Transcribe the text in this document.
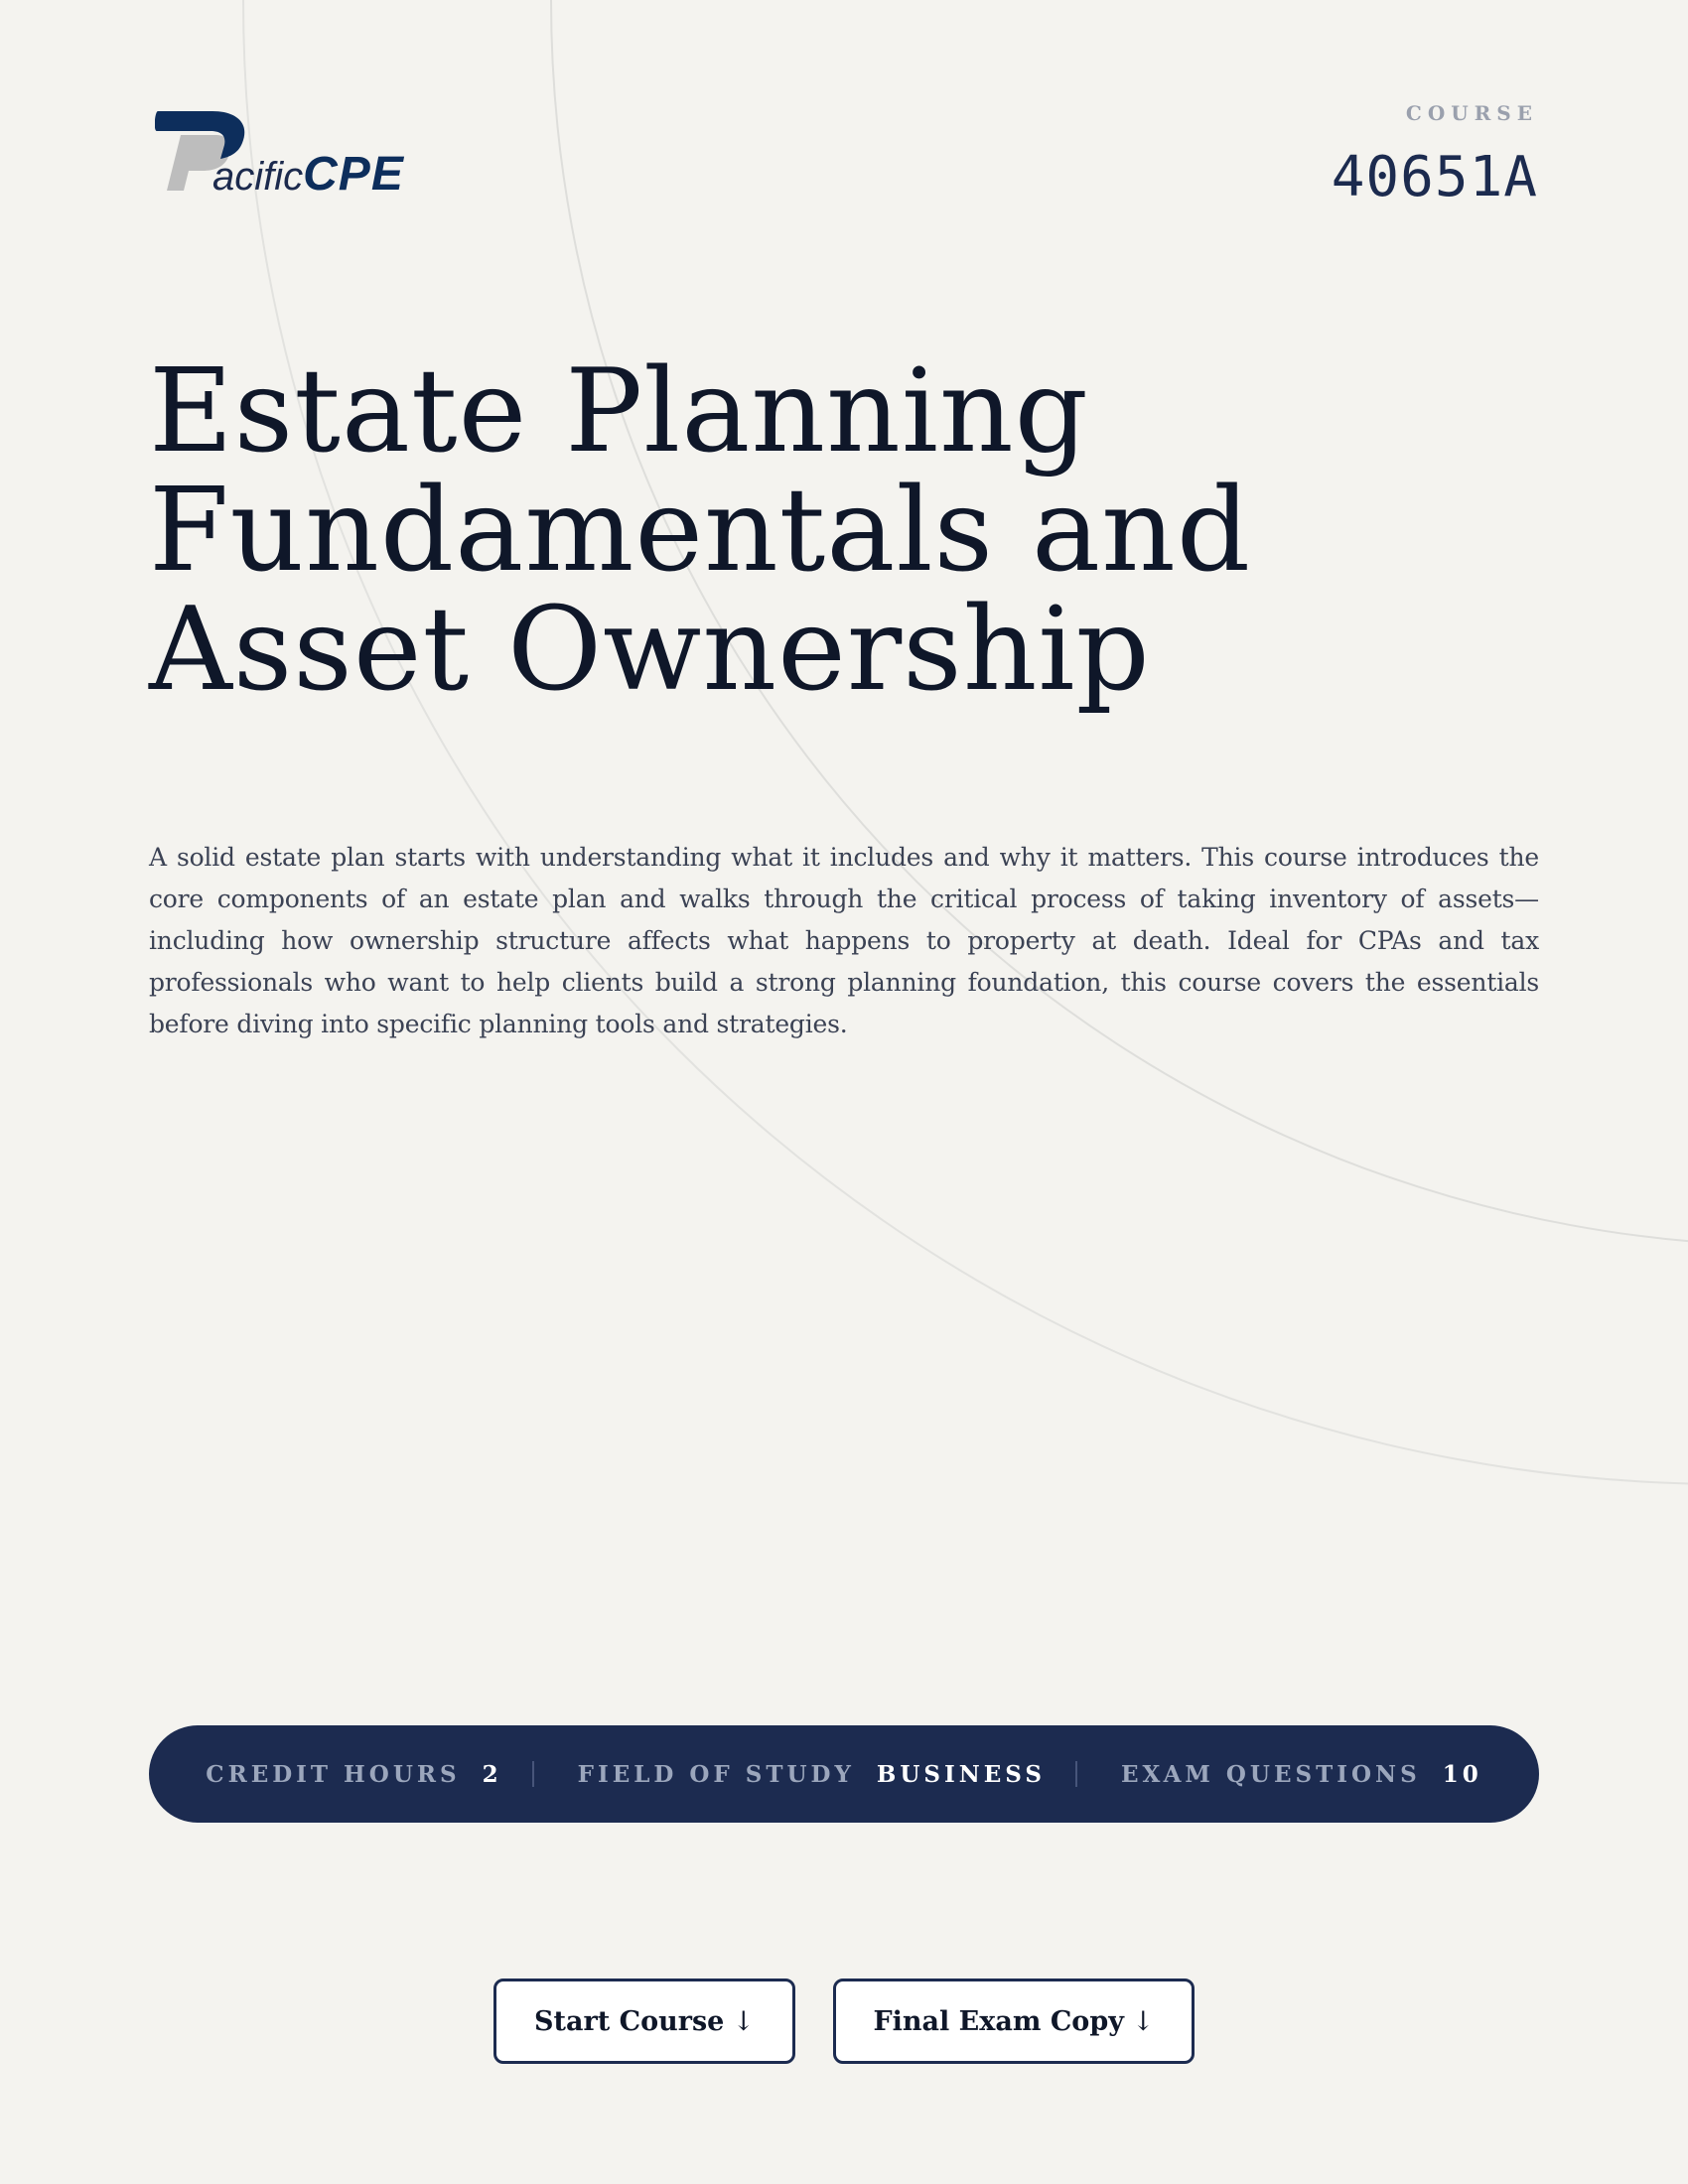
acificCPE
COURSE
40651A
Estate Planning
Fundamentals and
Asset Ownership

A solid estate plan starts with understanding what it includes and why it matters. This course introduces the core components of an estate plan and walks through the critical process of taking inventory of assets—including how ownership structure affects what happens to property at death. Ideal for CPAs and tax professionals who want to help clients build a strong planning foundation, this course covers the essentials before diving into specific planning tools and strategies.

CREDIT HOURS 2	FIELD OF STUDY BUSINESS	EXAM QUESTIONS 10
Start Course ↓	Final Exam Copy ↓
